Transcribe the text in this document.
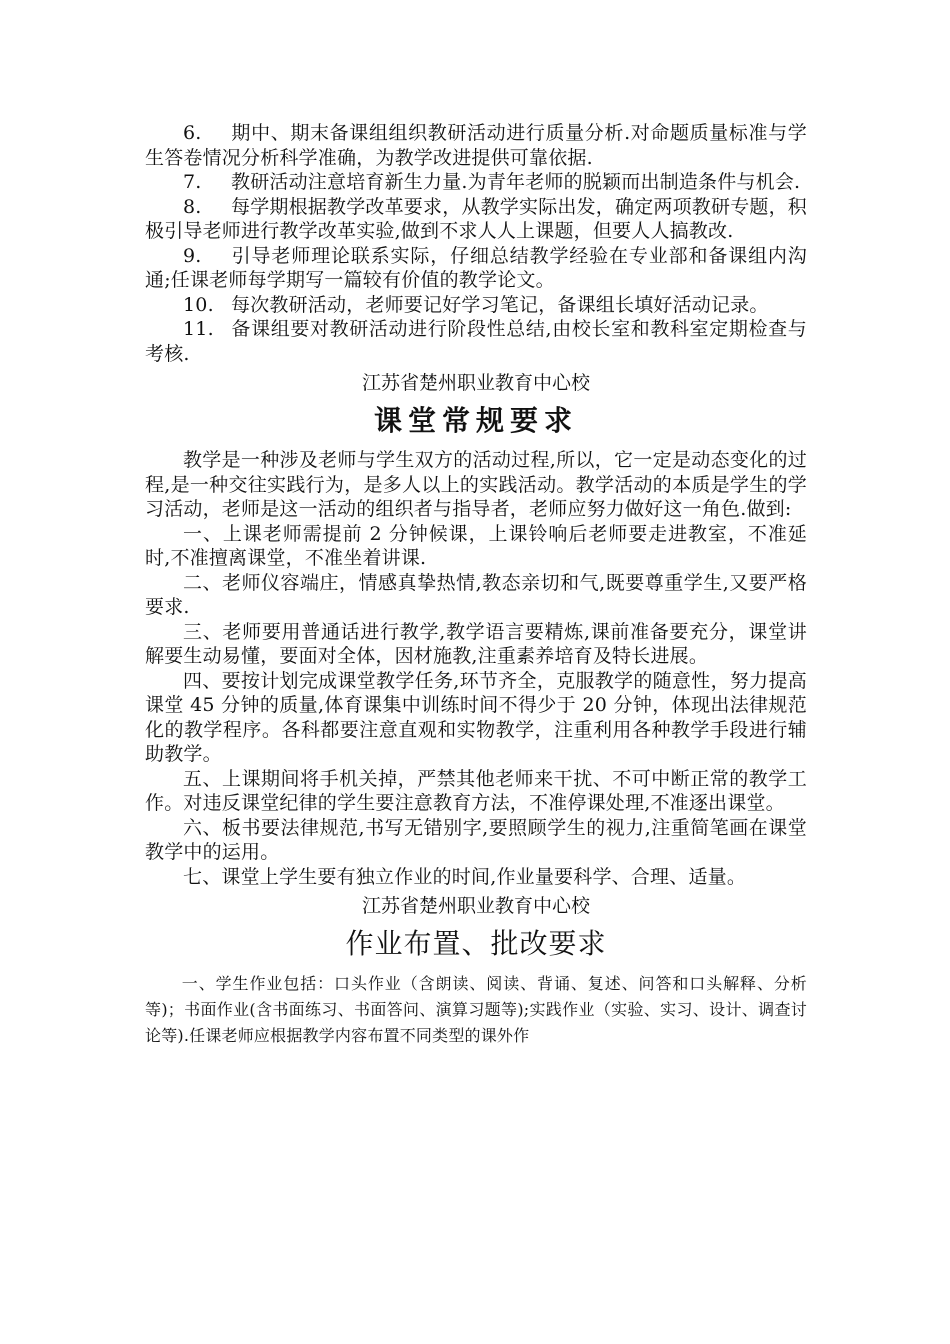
6. 期中、期末备课组组织教研活动进行质量分析.对命题质量标准与学生答卷情况分析科学准确，为教学改进提供可靠依据.

7. 教研活动注意培育新生力量.为青年老师的脱颖而出制造条件与机会.

8. 每学期根据教学改革要求，从教学实际出发，确定两项教研专题，积极引导老师进行教学改革实验,做到不求人人上课题，但要人人搞教改.

9. 引导老师理论联系实际，仔细总结教学经验在专业部和备课组内沟通;任课老师每学期写一篇较有价值的教学论文。

10. 每次教研活动，老师要记好学习笔记，备课组长填好活动记录。

11. 备课组要对教研活动进行阶段性总结,由校长室和教科室定期检查与考核.

江苏省楚州职业教育中心校

课堂常规要求

教学是一种涉及老师与学生双方的活动过程,所以，它一定是动态变化的过程,是一种交往实践行为，是多人以上的实践活动。教学活动的本质是学生的学习活动，老师是这一活动的组织者与指导者，老师应努力做好这一角色.做到:

一、上课老师需提前 2 分钟候课，上课铃响后老师要走进教室，不准延时,不准擅离课堂，不准坐着讲课.

二、老师仪容端庄，情感真挚热情,教态亲切和气,既要尊重学生,又要严格要求.

三、老师要用普通话进行教学,教学语言要精炼,课前准备要充分，课堂讲解要生动易懂，要面对全体，因材施教,注重素养培育及特长进展。

四、要按计划完成课堂教学任务,环节齐全，克服教学的随意性，努力提高课堂 45 分钟的质量,体育课集中训练时间不得少于 20 分钟，体现出法律规范化的教学程序。各科都要注意直观和实物教学，注重利用各种教学手段进行辅助教学。

五、上课期间将手机关掉，严禁其他老师来干扰、不可中断正常的教学工作。对违反课堂纪律的学生要注意教育方法，不准停课处理,不准逐出课堂。

六、板书要法律规范,书写无错别字,要照顾学生的视力,注重简笔画在课堂教学中的运用。

七、课堂上学生要有独立作业的时间,作业量要科学、合理、适量。

江苏省楚州职业教育中心校

作业布置、批改要求

一、学生作业包括：口头作业（含朗读、阅读、背诵、复述、问答和口头解释、分析等)；书面作业(含书面练习、书面答问、演算习题等);实践作业（实验、实习、设计、调查讨论等).任课老师应根据教学内容布置不同类型的课外作
